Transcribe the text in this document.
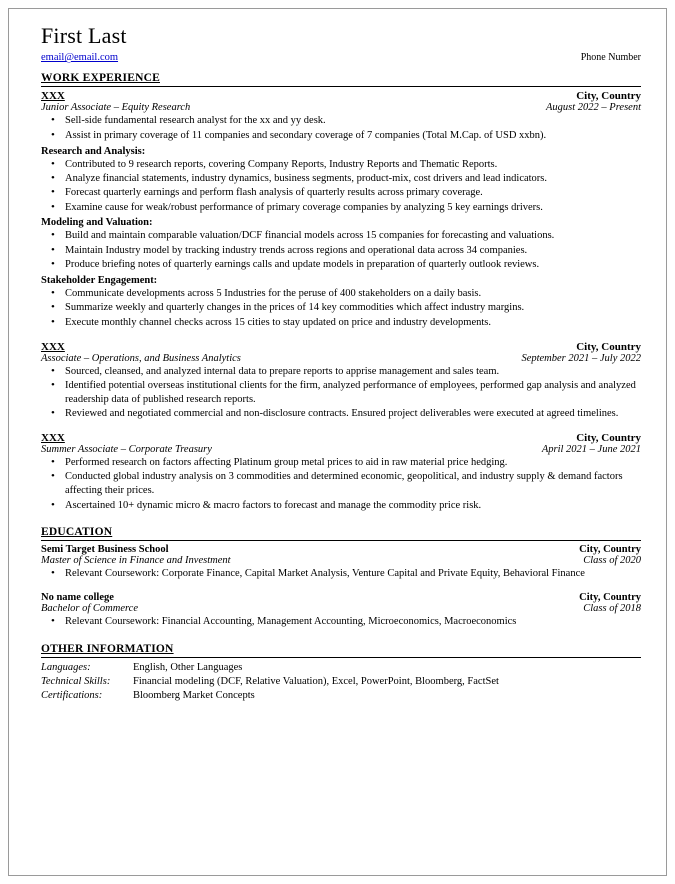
First Last
email@email.com	Phone Number
WORK EXPERIENCE
XXX	City, Country
Junior Associate – Equity Research	August 2022 – Present
• Sell-side fundamental research analyst for the xx and yy desk.
• Assist in primary coverage of 11 companies and secondary coverage of 7 companies (Total M.Cap. of USD xxbn).
Research and Analysis:
• Contributed to 9 research reports, covering Company Reports, Industry Reports and Thematic Reports.
• Analyze financial statements, industry dynamics, business segments, product-mix, cost drivers and lead indicators.
• Forecast quarterly earnings and perform flash analysis of quarterly results across primary coverage.
• Examine cause for weak/robust performance of primary coverage companies by analyzing 5 key earnings drivers.
Modeling and Valuation:
• Build and maintain comparable valuation/DCF financial models across 15 companies for forecasting and valuations.
• Maintain Industry model by tracking industry trends across regions and operational data across 34 companies.
• Produce briefing notes of quarterly earnings calls and update models in preparation of quarterly outlook reviews.
Stakeholder Engagement:
• Communicate developments across 5 Industries for the peruse of 400 stakeholders on a daily basis.
• Summarize weekly and quarterly changes in the prices of 14 key commodities which affect industry margins.
• Execute monthly channel checks across 15 cities to stay updated on price and industry developments.
XXX	City, Country
Associate – Operations, and Business Analytics	September 2021 – July 2022
• Sourced, cleansed, and analyzed internal data to prepare reports to apprise management and sales team.
• Identified potential overseas institutional clients for the firm, analyzed performance of employees, performed gap analysis and analyzed readership data of published research reports.
• Reviewed and negotiated commercial and non-disclosure contracts. Ensured project deliverables were executed at agreed timelines.
XXX	City, Country
Summer Associate – Corporate Treasury	April 2021 – June 2021
• Performed research on factors affecting Platinum group metal prices to aid in raw material price hedging.
• Conducted global industry analysis on 3 commodities and determined economic, geopolitical, and industry supply & demand factors affecting their prices.
• Ascertained 10+ dynamic micro & macro factors to forecast and manage the commodity price risk.
EDUCATION
Semi Target Business School	City, Country
Master of Science in Finance and Investment	Class of 2020
• Relevant Coursework: Corporate Finance, Capital Market Analysis, Venture Capital and Private Equity, Behavioral Finance
No name college	City, Country
Bachelor of Commerce	Class of 2018
• Relevant Coursework: Financial Accounting, Management Accounting, Microeconomics, Macroeconomics
OTHER INFORMATION
Languages:	English, Other Languages
Technical Skills:	Financial modeling (DCF, Relative Valuation), Excel, PowerPoint, Bloomberg, FactSet
Certifications:	Bloomberg Market Concepts
